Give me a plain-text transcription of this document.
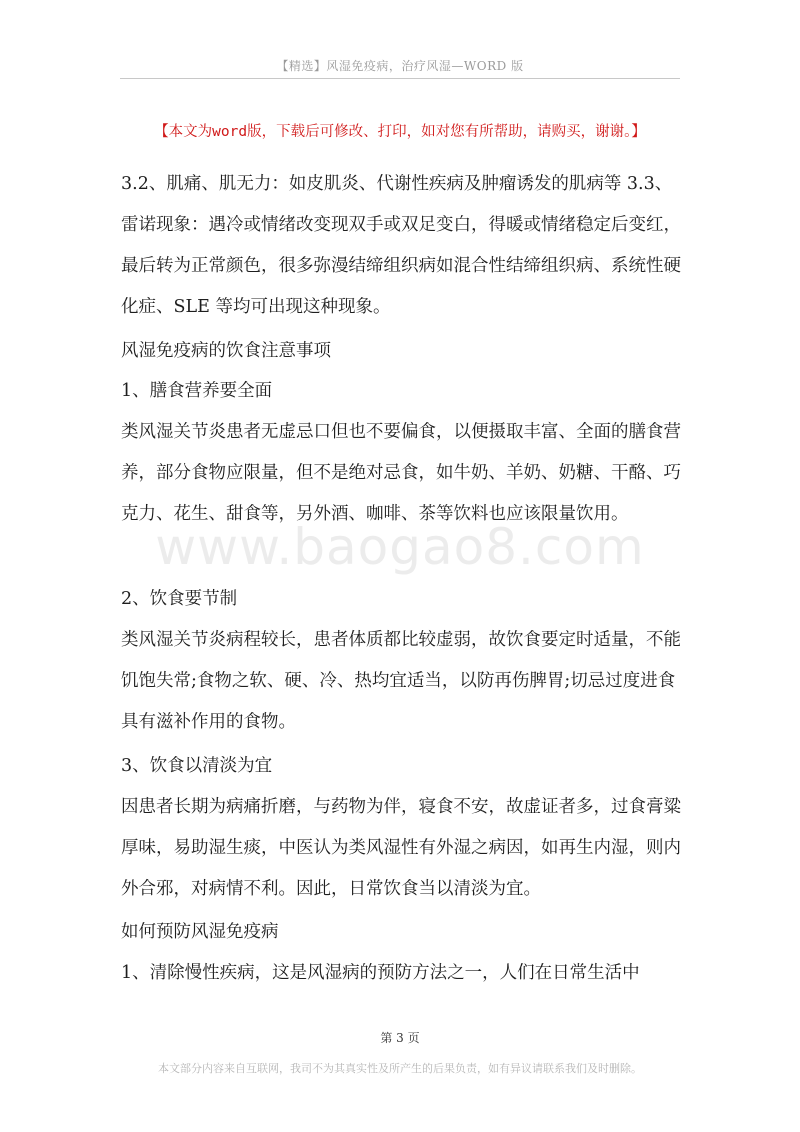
【精选】风湿免疫病，治疗风湿—WORD 版
【本文为word版，下载后可修改、打印，如对您有所帮助，请购买，谢谢。】
www.baogao8.com
3.2、肌痛、肌无力：如皮肌炎、代谢性疾病及肿瘤诱发的肌病等 3.3、雷诺现象：遇冷或情绪改变现双手或双足变白，得暖或情绪稳定后变红，最后转为正常颜色，很多弥漫结缔组织病如混合性结缔组织病、系统性硬化症、SLE 等均可出现这种现象。
风湿免疫病的饮食注意事项
1、膳食营养要全面
类风湿关节炎患者无虚忌口但也不要偏食，以便摄取丰富、全面的膳食营养，部分食物应限量，但不是绝对忌食，如牛奶、羊奶、奶糖、干酪、巧克力、花生、甜食等，另外酒、咖啡、茶等饮料也应该限量饮用。
2、饮食要节制
类风湿关节炎病程较长，患者体质都比较虚弱，故饮食要定时适量，不能饥饱失常;食物之软、硬、冷、热均宜适当，以防再伤脾胃;切忌过度进食具有滋补作用的食物。
3、饮食以清淡为宜
因患者长期为病痛折磨，与药物为伴，寝食不安，故虚证者多，过食膏粱厚味，易助湿生痰，中医认为类风湿性有外湿之病因，如再生内湿，则内外合邪，对病情不利。因此，日常饮食当以清淡为宜。
如何预防风湿免疫病
1、清除慢性疾病，这是风湿病的预防方法之一，人们在日常生活中
第 3 页
本文部分内容来自互联网，我司不为其真实性及所产生的后果负责，如有异议请联系我们及时删除。
